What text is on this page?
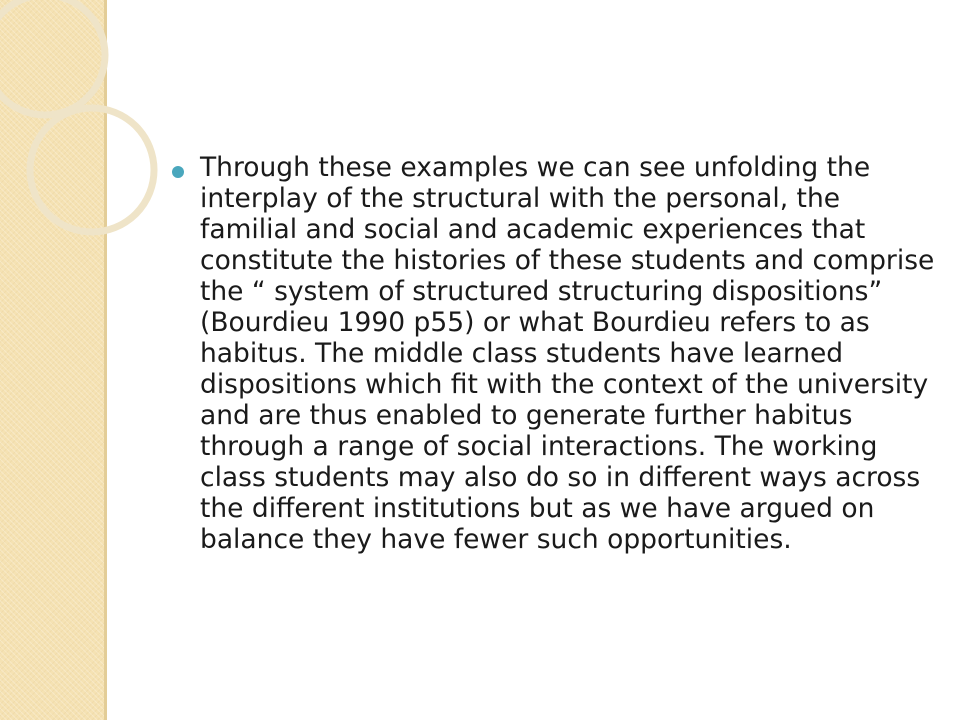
Through these examples we can see unfolding the interplay of the structural with the personal, the familial and social and academic experiences that constitute the histories of these students and comprise the “ system of structured structuring dispositions” (Bourdieu 1990 p55) or what Bourdieu refers to as habitus. The middle class students have learned dispositions which fit with the context of the university and are thus enabled to generate further habitus through a range of social interactions. The working class students may also do so in different ways across the different institutions but as we have argued on balance they have fewer such opportunities.
